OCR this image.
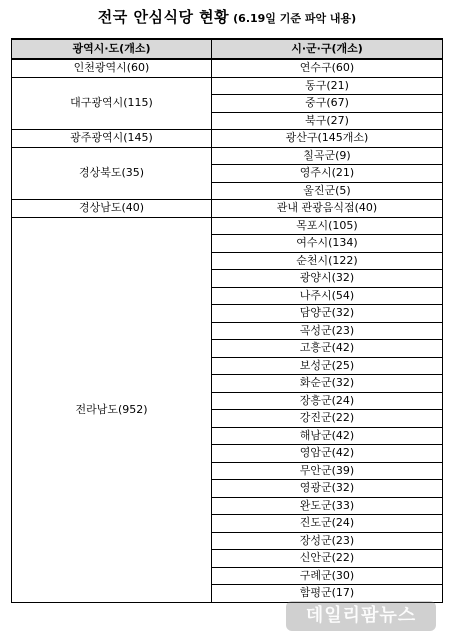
전국 안심식당 현황 (6.19일 기준 파악 내용)
광역시·도(개소)	시·군·구(개소)
인천광역시(60)	연수구(60)
대구광역시(115)	동구(21)
	중구(67)
	북구(27)
광주광역시(145)	광산구(145개소)
경상북도(35)	칠곡군(9)
	영주시(21)
	울진군(5)
경상남도(40)	관내 관광음식점(40)
전라남도(952)	목포시(105)
	여수시(134)
	순천시(122)
	광양시(32)
	나주시(54)
	담양군(32)
	곡성군(23)
	고흥군(42)
	보성군(25)
	화순군(32)
	장흥군(24)
	강진군(22)
	해남군(42)
	영암군(42)
	무안군(39)
	영광군(32)
	완도군(33)
	진도군(24)
	장성군(23)
	신안군(22)
	구례군(30)
	함평군(17)
데일리팜뉴스
